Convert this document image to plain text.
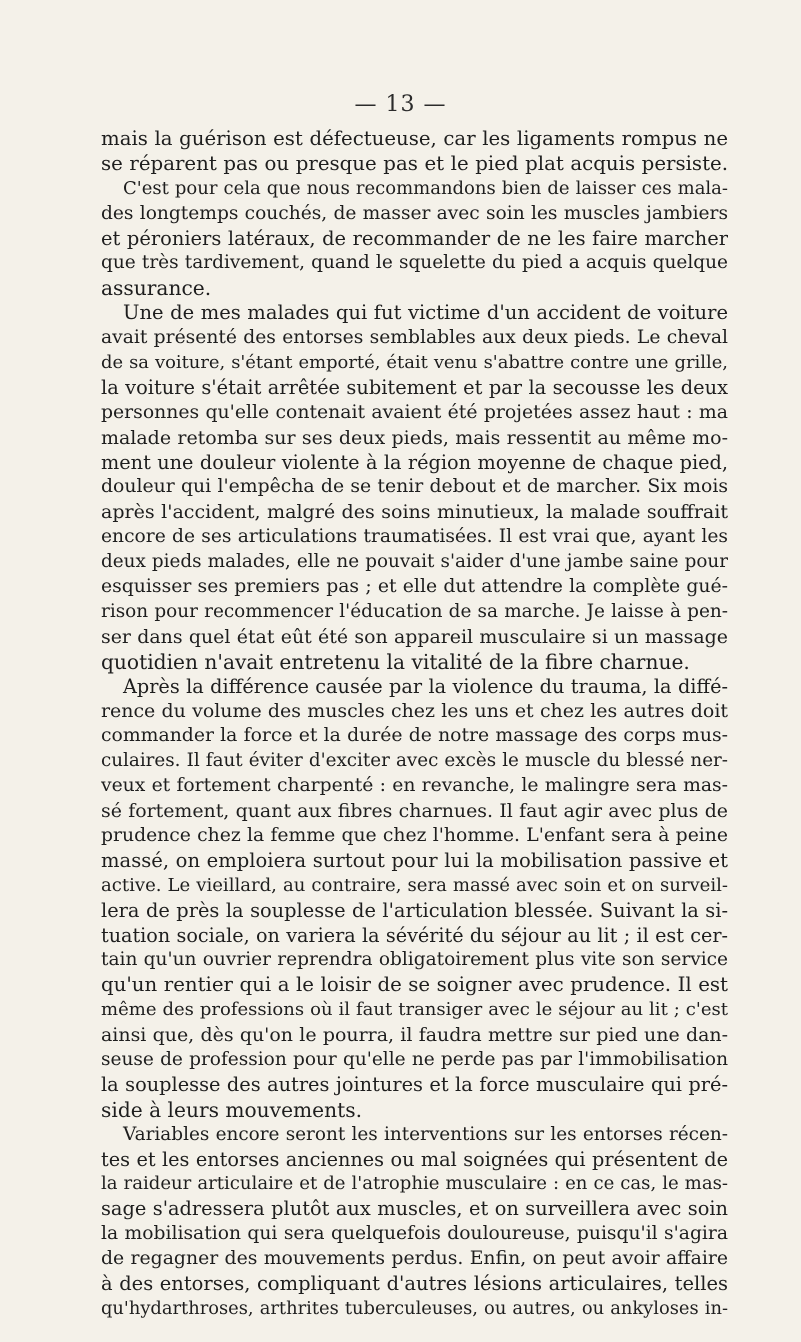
— 13 —
mais la guérison est défectueuse, car les ligaments rompus ne
se réparent pas ou presque pas et le pied plat acquis persiste.
C'est pour cela que nous recommandons bien de laisser ces mala-
des longtemps couchés, de masser avec soin les muscles jambiers
et péroniers latéraux, de recommander de ne les faire marcher
que très tardivement, quand le squelette du pied a acquis quelque
assurance.
Une de mes malades qui fut victime d'un accident de voiture
avait présenté des entorses semblables aux deux pieds. Le cheval
de sa voiture, s'étant emporté, était venu s'abattre contre une grille,
la voiture s'était arrêtée subitement et par la secousse les deux
personnes qu'elle contenait avaient été projetées assez haut : ma
malade retomba sur ses deux pieds, mais ressentit au même mo-
ment une douleur violente à la région moyenne de chaque pied,
douleur qui l'empêcha de se tenir debout et de marcher. Six mois
après l'accident, malgré des soins minutieux, la malade souffrait
encore de ses articulations traumatisées. Il est vrai que, ayant les
deux pieds malades, elle ne pouvait s'aider d'une jambe saine pour
esquisser ses premiers pas ; et elle dut attendre la complète gué-
rison pour recommencer l'éducation de sa marche. Je laisse à pen-
ser dans quel état eût été son appareil musculaire si un massage
quotidien n'avait entretenu la vitalité de la fibre charnue.
Après la différence causée par la violence du trauma, la diffé-
rence du volume des muscles chez les uns et chez les autres doit
commander la force et la durée de notre massage des corps mus-
culaires. Il faut éviter d'exciter avec excès le muscle du blessé ner-
veux et fortement charpenté : en revanche, le malingre sera mas-
sé fortement, quant aux fibres charnues. Il faut agir avec plus de
prudence chez la femme que chez l'homme. L'enfant sera à peine
massé, on emploiera surtout pour lui la mobilisation passive et
active. Le vieillard, au contraire, sera massé avec soin et on surveil-
lera de près la souplesse de l'articulation blessée. Suivant la si-
tuation sociale, on variera la sévérité du séjour au lit ; il est cer-
tain qu'un ouvrier reprendra obligatoirement plus vite son service
qu'un rentier qui a le loisir de se soigner avec prudence. Il est
même des professions où il faut transiger avec le séjour au lit ; c'est
ainsi que, dès qu'on le pourra, il faudra mettre sur pied une dan-
seuse de profession pour qu'elle ne perde pas par l'immobilisation
la souplesse des autres jointures et la force musculaire qui pré-
side à leurs mouvements.
Variables encore seront les interventions sur les entorses récen-
tes et les entorses anciennes ou mal soignées qui présentent de
la raideur articulaire et de l'atrophie musculaire : en ce cas, le mas-
sage s'adressera plutôt aux muscles, et on surveillera avec soin
la mobilisation qui sera quelquefois douloureuse, puisqu'il s'agira
de regagner des mouvements perdus. Enfin, on peut avoir affaire
à des entorses, compliquant d'autres lésions articulaires, telles
qu'hydarthroses, arthrites tuberculeuses, ou autres, ou ankyloses in-
